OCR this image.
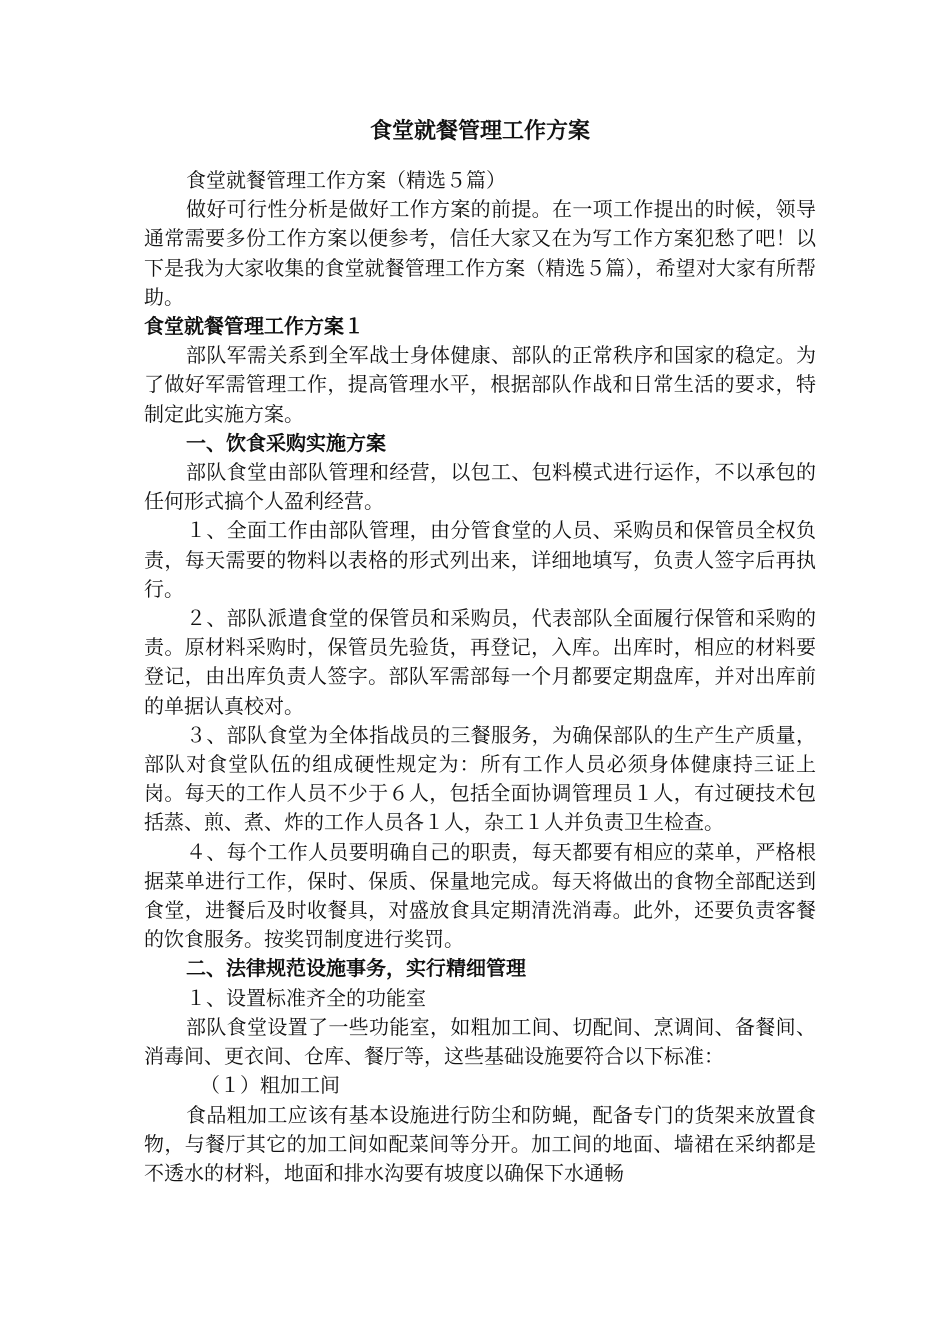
食堂就餐管理工作方案

食堂就餐管理工作方案（精选５篇）

做好可行性分析是做好工作方案的前提。在一项工作提出的时候，领导通常需要多份工作方案以便参考，信任大家又在为写工作方案犯愁了吧！以下是我为大家收集的食堂就餐管理工作方案（精选５篇），希望对大家有所帮助。

食堂就餐管理工作方案１

部队军需关系到全军战士身体健康、部队的正常秩序和国家的稳定。为了做好军需管理工作，提高管理水平，根据部队作战和日常生活的要求，特制定此实施方案。

一、饮食采购实施方案

部队食堂由部队管理和经营，以包工、包料模式进行运作，不以承包的任何形式搞个人盈利经营。

１、全面工作由部队管理，由分管食堂的人员、采购员和保管员全权负责，每天需要的物料以表格的形式列出来，详细地填写，负责人签字后再执行。

２、部队派遣食堂的保管员和采购员，代表部队全面履行保管和采购的责。原材料采购时，保管员先验货，再登记，入库。出库时，相应的材料要登记，由出库负责人签字。部队军需部每一个月都要定期盘库，并对出库前的单据认真校对。

３、部队食堂为全体指战员的三餐服务，为确保部队的生产生产质量，部队对食堂队伍的组成硬性规定为：所有工作人员必须身体健康持三证上岗。每天的工作人员不少于６人，包括全面协调管理员１人，有过硬技术包括蒸、煎、煮、炸的工作人员各１人，杂工１人并负责卫生检查。

４、每个工作人员要明确自己的职责，每天都要有相应的菜单，严格根据菜单进行工作，保时、保质、保量地完成。每天将做出的食物全部配送到食堂，进餐后及时收餐具，对盛放食具定期清洗消毒。此外，还要负责客餐的饮食服务。按奖罚制度进行奖罚。

二、法律规范设施事务，实行精细管理

１、设置标准齐全的功能室

部队食堂设置了一些功能室，如粗加工间、切配间、烹调间、备餐间、消毒间、更衣间、仓库、餐厅等，这些基础设施要符合以下标准：

（１）粗加工间

食品粗加工应该有基本设施进行防尘和防蝇，配备专门的货架来放置食物，与餐厅其它的加工间如配菜间等分开。加工间的地面、墙裙在采纳都是不透水的材料，地面和排水沟要有坡度以确保下水通畅
